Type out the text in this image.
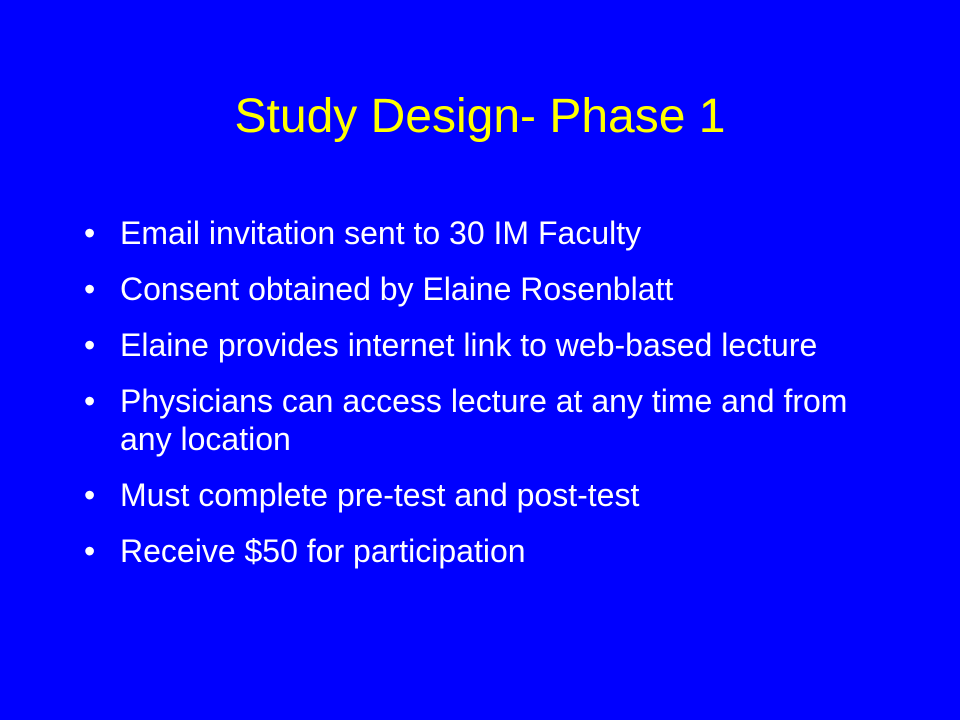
Study Design- Phase 1
• Email invitation sent to 30 IM Faculty
• Consent obtained by Elaine Rosenblatt
• Elaine provides internet link to web-based lecture
• Physicians can access lecture at any time and from any location
• Must complete pre-test and post-test
• Receive $50 for participation
